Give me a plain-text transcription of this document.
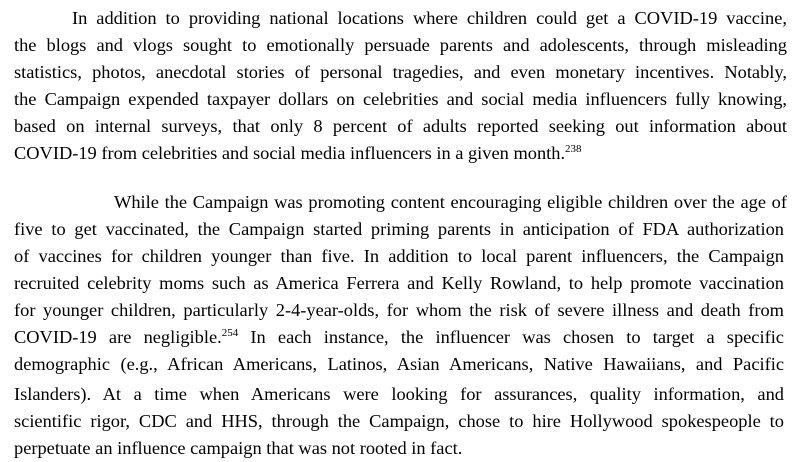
In addition to providing national locations where children could get a COVID-19 vaccine,
the blogs and vlogs sought to emotionally persuade parents and adolescents, through misleading
statistics, photos, anecdotal stories of personal tragedies, and even monetary incentives. Notably,
the Campaign expended taxpayer dollars on celebrities and social media influencers fully knowing,
based on internal surveys, that only 8 percent of adults reported seeking out information about
COVID-19 from celebrities and social media influencers in a given month.$^{238}$
While the Campaign was promoting content encouraging eligible children over the age of
five to get vaccinated, the Campaign started priming parents in anticipation of FDA authorization
of vaccines for children younger than five. In addition to local parent influencers, the Campaign
recruited celebrity moms such as America Ferrera and Kelly Rowland, to help promote vaccination
for younger children, particularly 2-4-year-olds, for whom the risk of severe illness and death from
COVID-19 are negligible.$^{254}$ In each instance, the influencer was chosen to target a specific
demographic (e.g., African Americans, Latinos, Asian Americans, Native Hawaiians, and Pacific
Islanders). At a time when Americans were looking for assurances, quality information, and
scientific rigor, CDC and HHS, through the Campaign, chose to hire Hollywood spokespeople to
perpetuate an influence campaign that was not rooted in fact.
